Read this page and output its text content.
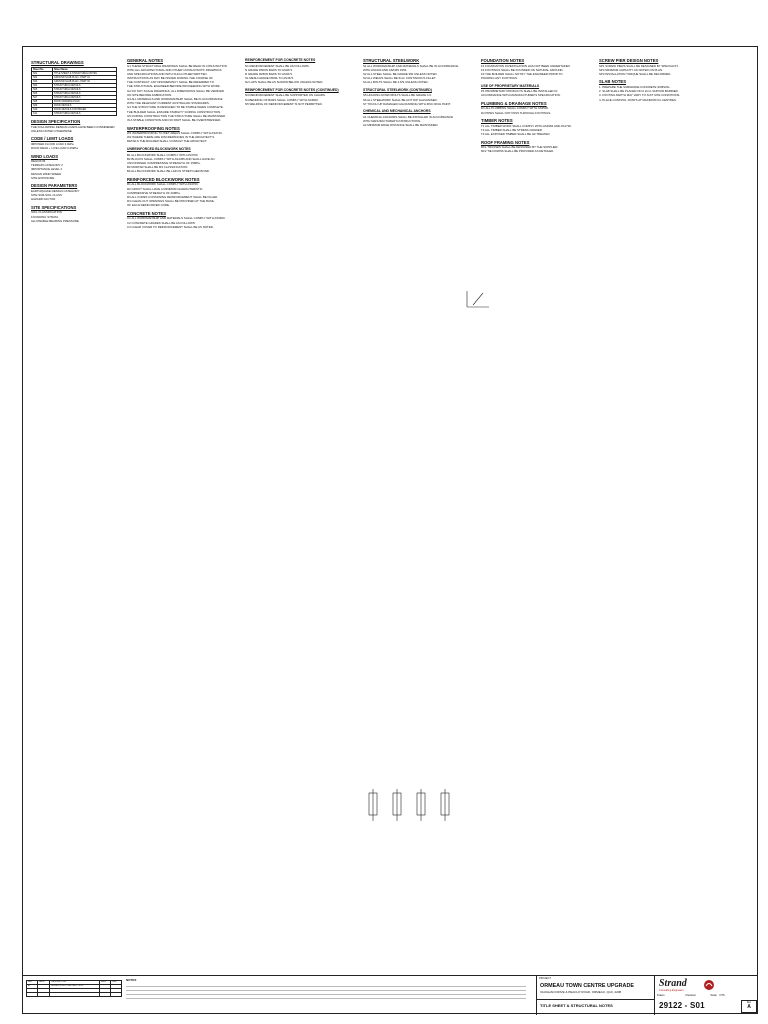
STRUCTURAL DRAWINGS
Sheet No.	Sheet Name
S01	TITLE SHEET & STRUCTURAL NOTES
S02	GROUND SLAB PLAN - PART 01
S03	GROUND SLAB PLAN - PART 02
S04	STRUCTURAL DETAILS
S05	STRUCTURAL DETAILS
S06	STRUCTURAL DETAILS
S07	STRUCTURAL DETAILS
S08	ROOF FRAMING PLAN
S09	ROOF DETAILS
S10	ROOF DETAILS CONTINUED
S11	STRUCTURAL DETAILS
DESIGN SPECIFICATION

THE FOLLOWING DESIGN LOADS HAVE BEEN CONSIDERED

UNLESS NOTED OTHERWISE

CODE / LIMIT LOADS

IMPOSED FLOOR LOAD 3.0kPa

ROOF DEAD + LIVE LOAD 0.25kPa

WIND LOADS

REGION B

TERRAIN CATEGORY 2

IMPORTANCE LEVEL 2

DESIGN WIND SPEED

SITE EXPOSURE

DESIGN PARAMETERS

EARTHQUAKE DESIGN CATEGORY

SITE SUB-SOIL CLASS

HAZARD FACTOR

SITE SPECIFICATIONS

SOIL CLASSIFICATION

FOUNDING STRATA

ALLOWABLE BEARING PRESSURE

GENERAL NOTES

G1 THESE STRUCTURAL DRAWINGS SHALL BE READ IN CONJUNCTION

WITH ALL ARCHITECTURAL AND OTHER CONSULTANTS' DRAWINGS

AND SPECIFICATIONS AND WITH SUCH OTHER WRITTEN

INSTRUCTIONS AS MAY BE ISSUED DURING THE COURSE OF

THE CONTRACT. ANY DISCREPANCY SHALL BE REFERRED TO

THE STRUCTURAL ENGINEER BEFORE PROCEEDING WITH WORK.

G2 DO NOT SCALE DRAWINGS. ALL DIMENSIONS SHALL BE VERIFIED

ON SITE BEFORE FABRICATION.

G3 ALL MATERIALS AND WORKMANSHIP SHALL BE IN ACCORDANCE

WITH THE RELEVANT CURRENT AUSTRALIAN STANDARDS.

G4 THE STRUCTURE IS DESIGNED TO BE STABLE WHEN COMPLETE.

THE BUILDER SHALL ENSURE STABILITY DURING CONSTRUCTION.

G5 DURING CONSTRUCTION THE STRUCTURE SHALL BE MAINTAINED

IN A STABLE CONDITION AND NO PART SHALL BE OVERSTRESSED.

WATERPROOFING NOTES

W1 WATERPROOFING TO WET AREAS SHALL COMPLY WITH AS3740.

W2 WHERE THERE ARE DISCREPANCIES IN THE ARCHITECT'S

DETAILS THE BUILDER SHALL CONSULT THE ARCHITECT.

UNREINFORCED BLOCKWORK NOTES

B1 ALL BLOCKWORK SHALL COMPLY WITH AS3700.

B2 BLOCKS SHALL COMPLY WITH AS4455 AND SHALL HAVE AN

UNCONFINED COMPRESSIVE STRENGTH OF 15MPa.

B3 MORTAR SHALL BE M3 CLASSIFICATION.

B4 ALL BLOCKWORK SHALL BE LAID IN STRETCHER BOND.

REINFORCED BLOCKWORK NOTES

R1 ALL BLOCKWORK SHALL COMPLY WITH AS3700.

R2 GROUT SHALL HAVE A MINIMUM CHARACTERISTIC

COMPRESSIVE STRENGTH OF 20MPa.

R3 ALL CORES CONTAINING REINFORCEMENT SHALL BE FILLED.

R4 CLEAN-OUT OPENINGS SHALL BE PROVIDED AT THE BASE

OF EACH REINFORCED CORE.

CONCRETE NOTES

C1 ALL WORKMANSHIP AND MATERIALS SHALL COMPLY WITH AS3600.

C2 CONCRETE GRADES SHALL BE AS FOLLOWS:

C3 CLEAR COVER TO REINFORCEMENT SHALL BE AS NOTED.

REINFORCEMENT FOR CONCRETE NOTES

N1 REINFORCEMENT SHALL BE AS FOLLOWS:

N GRADE D500N BARS TO AS4671

R GRADE R250N BARS TO AS4671

SL MESH GRADE D500L TO AS4671

N2 LAPS SHALL BE AS SHOWN BELOW UNLESS NOTED.

REINFORCEMENT FOR CONCRETE NOTES (CONTINUED)

N3 REINFORCEMENT SHALL BE SUPPORTED ON CHAIRS.

N4 BENDING OF BARS SHALL COMPLY WITH AS3600.

N5 WELDING OF REINFORCEMENT IS NOT PERMITTED.

STRUCTURAL STEELWORK

S1 ALL WORKMANSHIP AND MATERIALS SHALL BE IN ACCORDANCE

WITH AS4100 AND AS/NZS 1554.

S2 ALL STEEL SHALL BE GRADE 300 UNLESS NOTED.

S3 ALL WELDS SHALL BE 6mm CONTINUOUS FILLET.

S4 ALL BOLTS SHALL BE 4.6/S UNLESS NOTED.

STRUCTURAL STEELWORK (CONTINUED)

S5 HOLDING DOWN BOLTS SHALL BE GRADE 4.6.

S6 ALL STEELWORK SHALL BE HOT DIP GALVANISED.

S7 TOUCH UP DAMAGED GALVANISING WITH ZINC RICH PAINT.

CHEMICAL AND MECHANICAL ANCHORS

A1 CHEMICAL ANCHORS SHALL BE INSTALLED IN ACCORDANCE

WITH MANUFACTURER'S INSTRUCTIONS.

A2 MINIMUM EDGE DISTANCE SHALL BE MAINTAINED.

FOUNDATION NOTES

F1 FOUNDATION INVESTIGATION HAS NOT BEEN UNDERTAKEN.

F2 FOOTINGS SHALL BE FOUNDED ON NATURAL GROUND.

F3 THE BUILDER SHALL NOTIFY THE ENGINEER PRIOR TO

POURING ANY FOOTINGS.

USE OF PROPRIETARY MATERIALS

P1 PROPRIETARY PRODUCTS SHALL BE INSTALLED IN

ACCORDANCE WITH MANUFACTURER'S SPECIFICATION.

PLUMBING & DRAINAGE NOTES

D1 ALL PLUMBING SHALL COMPLY WITH AS3500.

D2 PIPES SHALL NOT PASS THROUGH FOOTINGS.

TIMBER NOTES

T1 ALL TIMBER WORK SHALL COMPLY WITH AS1684 AND AS1720.

T2 ALL TIMBER SHALL BE STRESS GRADED.

T3 ALL EXPOSED TIMBER SHALL BE H3 TREATED.

ROOF FRAMING NOTES

RF1 TRUSSES SHALL BE DESIGNED BY THE SUPPLIER.

RF2 TIE DOWNS SHALL BE PROVIDED AS DETAILED.

SCREW PIER DESIGN NOTES

SP1 SCREW PIERS SHALL BE DESIGNED BY SPECIALIST.

SP2 MINIMUM CAPACITY AS NOTED ON PLAN.

SP3 INSTALLATION TORQUE SHALL BE RECORDED.

SLAB NOTES

1. PREPARE THE SUBGRADE CONCRETE SUBSOIL.

2. SLAB SHALL BE PLACED ON 0.2mm VAPOUR BARRIER.

3. FOOTING DEPTH MAY VARY TO SUIT SITE CONDITIONS.

4. PLACE CONTROL JOINTS AT MAXIMUM 6m CENTRES.

REV	DATE	DESCRIPTION	DRN	CHK
A		ISSUED FOR CONSTRUCTION		

NOTES	PROJECT
ORMEAU TOWN CENTRE UPGRADE
VAUGHAN DRIVE & PEACHY ROAD, ORMEAU, QLD, 4208
TITLE SHEET & STRUCTURAL NOTES
Strand
Consulting Engineers
Drawn	Checked	Scale NTS
29122 - S01	Rev
A
